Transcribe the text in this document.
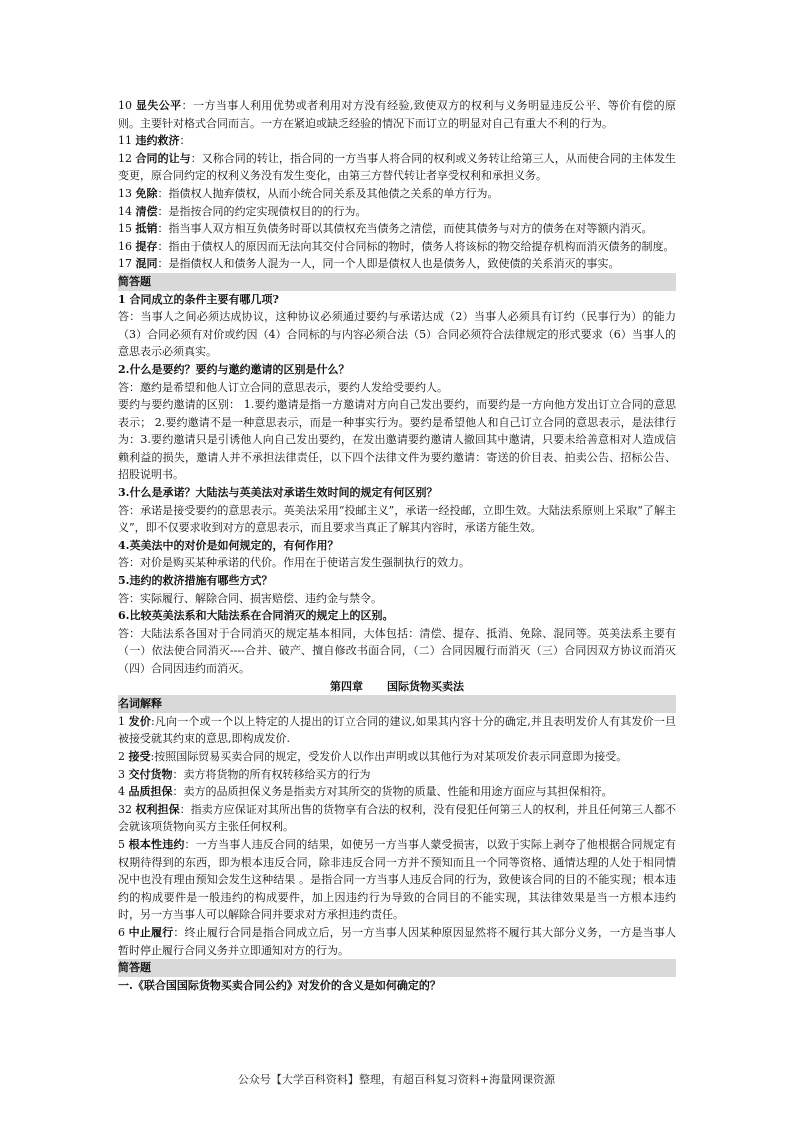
10 显失公平：一方当事人利用优势或者利用对方没有经验,致使双方的权利与义务明显违反公平、等价有偿的原则。主要针对格式合同而言。一方在紧迫或缺乏经验的情况下而订立的明显对自己有重大不利的行为。

11 违约救济：

12 合同的让与：又称合同的转让，指合同的一方当事人将合同的权利或义务转让给第三人，从而使合同的主体发生变更，原合同约定的权利义务没有发生变化，由第三方替代转让者享受权利和承担义务。

13 免除：指债权人抛弃债权，从而小统合同关系及其他债之关系的单方行为。

14 清偿：是指按合同的约定实现债权目的的行为。

15 抵销：指当事人双方相互负债务时哥以其债权充当债务之清偿，而使其债务与对方的债务在对等额内消灭。

16 提存：指由于债权人的原因而无法向其交付合同标的物时，债务人将该标的物交给提存机构而消灭债务的制度。

17 混同：是指债权人和债务人混为一人，同一个人即是债权人也是债务人，致使债的关系消灭的事实。

简答题

1 合同成立的条件主要有哪几项?

答：当事人之间必须达成协议，这种协议必须通过要约与承诺达成（2）当事人必须具有订约（民事行为）的能力（3）合同必须有对价或约因（4）合同标的与内容必须合法（5）合同必须符合法律规定的形式要求（6）当事人的意思表示必须真实。

2.什么是要约？要约与邀约邀请的区别是什么？

答：邀约是希望和他人订立合同的意思表示，要约人发给受要约人。

要约与要约邀请的区别： 1.要约邀请是指一方邀请对方向自己发出要约，而要约是一方向他方发出订立合同的意思表示； 2.要约邀请不是一种意思表示，而是一种事实行为。要约是希望他人和自己订立合同的意思表示，是法律行为：3.要约邀请只是引诱他人向自己发出要约，在发出邀请要约邀请人撤回其中邀请，只要未给善意相对人造成信赖利益的损失，邀请人并不承担法律责任，以下四个法律文件为要约邀请：寄送的价目表、拍卖公告、招标公告、招股说明书。

3.什么是承诺？大陆法与英美法对承诺生效时间的规定有何区别？

答：承诺是接受要约的意思表示。英美法采用“投邮主义”，承诺一经投邮，立即生效。大陆法系原则上采取“了解主义”，即不仅要求收到对方的意思表示，而且要求当真正了解其内容时，承诺方能生效。

4.英美法中的对价是如何规定的，有何作用？

答：对价是购买某种承诺的代价。作用在于使诺言发生强制执行的效力。

5.违约的救济措施有哪些方式？

答：实际履行、解除合同、损害赔偿、违约金与禁令。

6.比较英美法系和大陆法系在合同消灭的规定上的区别。

答：大陆法系各国对于合同消灭的规定基本相同，大体包括：清偿、提存、抵消、免除、混同等。英美法系主要有（一）依法使合同消灭----合并、破产、擅自修改书面合同，（二）合同因履行而消灭（三）合同因双方协议而消灭（四）合同因违约而消灭。

第四章 国际货物买卖法

名词解释

1 发价:凡向一个或一个以上特定的人提出的订立合同的建议,如果其内容十分的确定,并且表明发价人有其发价一旦被接受就其约束的意思,即构成发价.

2 接受:按照国际贸易买卖合同的规定，受发价人以作出声明或以其他行为对某项发价表示同意即为接受。

3 交付货物：卖方将货物的所有权转移给买方的行为

4 品质担保：卖方的品质担保义务是指卖方对其所交的货物的质量、性能和用途方面应与其担保相符。

32 权利担保：指卖方应保证对其所出售的货物享有合法的权利，没有侵犯任何第三人的权利，并且任何第三人都不会就该项货物向买方主张任何权利。

5 根本性违约：一方当事人违反合同的结果，如使另一方当事人蒙受损害，以致于实际上剥夺了他根据合同规定有权期待得到的东西，即为根本违反合同，除非违反合同一方并不预知而且一个同等资格、通情达理的人处于相同情况中也没有理由预知会发生这种结果 。是指合同一方当事人违反合同的行为，致使该合同的目的不能实现；根本违约的构成要件是一般违约的构成要件，加上因违约行为导致的合同目的不能实现，其法律效果是当一方根本违约时，另一方当事人可以解除合同并要求对方承担违约责任。

6 中止履行：终止履行合同是指合同成立后，另一方当事人因某种原因显然将不履行其大部分义务，一方是当事人暂时停止履行合同义务并立即通知对方的行为。

简答题

一.《联合国国际货物买卖合同公约》对发价的含义是如何确定的？

公众号【大学百科资料】整理，有超百科复习资料+海量网课资源
